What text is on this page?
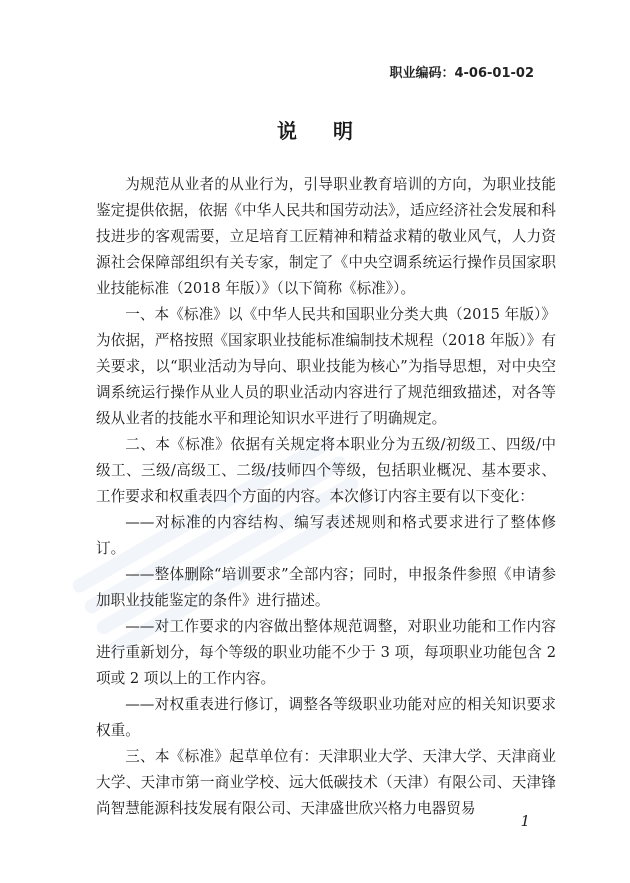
职业编码：4-06-01-02
说明

为规范从业者的从业行为，引导职业教育培训的方向，为职业技能鉴定提供依据，依据《中华人民共和国劳动法》，适应经济社会发展和科技进步的客观需要，立足培育工匠精神和精益求精的敬业风气，人力资源社会保障部组织有关专家，制定了《中央空调系统运行操作员国家职业技能标准（2018 年版）》（以下简称《标准》）。

一、本《标准》以《中华人民共和国职业分类大典（2015 年版）》为依据，严格按照《国家职业技能标准编制技术规程（2018 年版）》有关要求，以“职业活动为导向、职业技能为核心”为指导思想，对中央空调系统运行操作从业人员的职业活动内容进行了规范细致描述，对各等级从业者的技能水平和理论知识水平进行了明确规定。

二、本《标准》依据有关规定将本职业分为五级/初级工、四级/中级工、三级/高级工、二级/技师四个等级，包括职业概况、基本要求、工作要求和权重表四个方面的内容。本次修订内容主要有以下变化：

——对标准的内容结构、编写表述规则和格式要求进行了整体修订。

——整体删除“培训要求”全部内容；同时，申报条件参照《申请参加职业技能鉴定的条件》进行描述。

——对工作要求的内容做出整体规范调整，对职业功能和工作内容进行重新划分，每个等级的职业功能不少于 3 项，每项职业功能包含 2 项或 2 项以上的工作内容。

——对权重表进行修订，调整各等级职业功能对应的相关知识要求权重。

三、本《标准》起草单位有：天津职业大学、天津大学、天津商业大学、天津市第一商业学校、远大低碳技术（天津）有限公司、天津锋尚智慧能源科技发展有限公司、天津盛世欣兴格力电器贸易

1
